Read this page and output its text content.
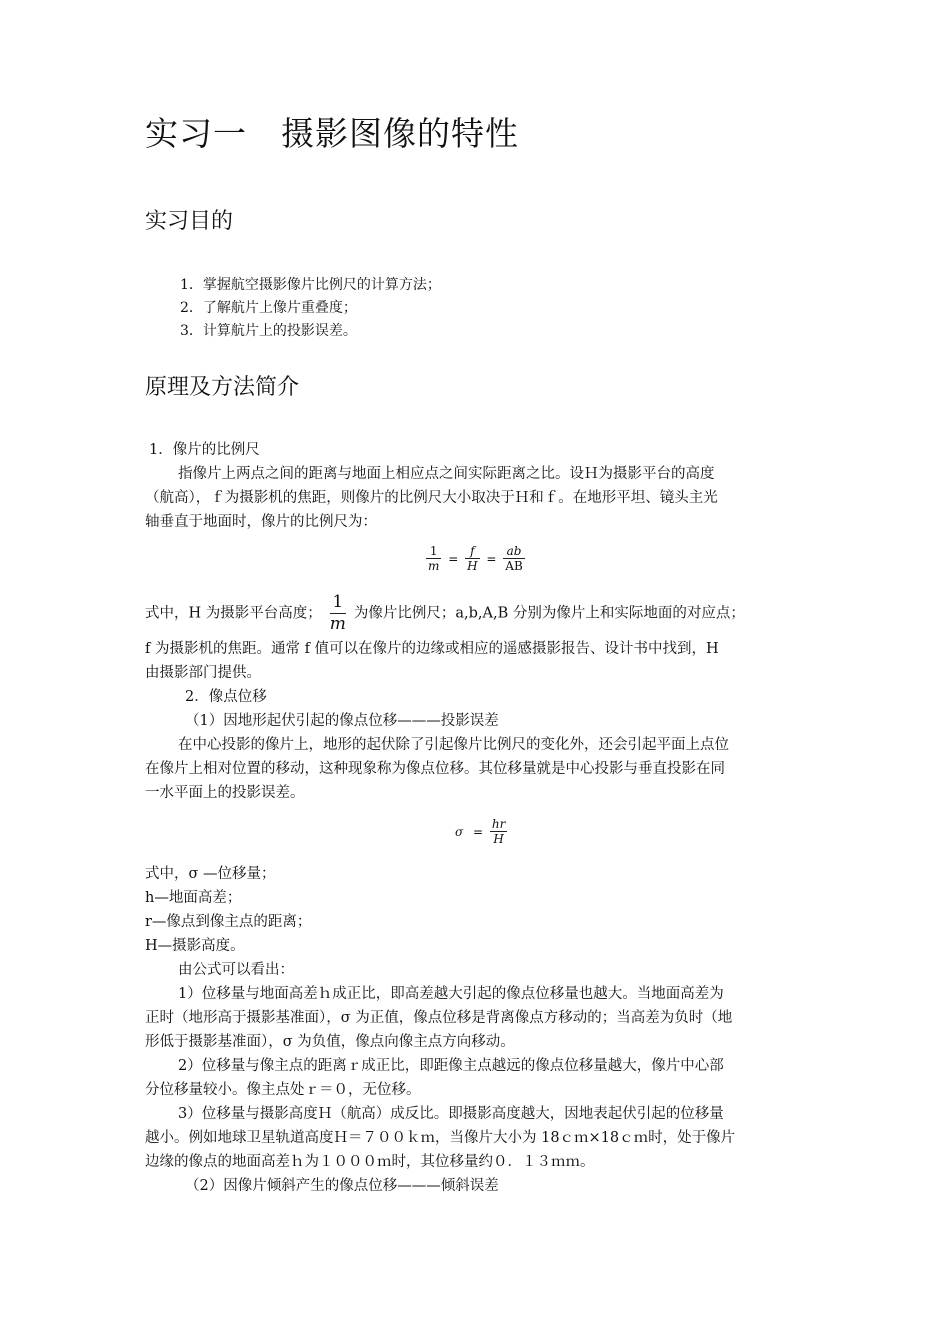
实习一　摄影图像的特性
实习目的
1．掌握航空摄影像片比例尺的计算方法；
2．了解航片上像片重叠度；
3．计算航片上的投影误差。
原理及方法简介
1．像片的比例尺
指像片上两点之间的距离与地面上相应点之间实际距离之比。设Ｈ为摄影平台的高度
（航高），ｆ为摄影机的焦距，则像片的比例尺大小取决于Ｈ和ｆ。在地形平坦、镜头主光
轴垂直于地面时，像片的比例尺为：
$\frac{1}{m} = \frac{f}{H} = \frac{ab}{AB}$
式中，H 为摄影平台高度； $\frac{1}{m}$ 为像片比例尺；a,b,A,B 分别为像片上和实际地面的对应点；
f 为摄影机的焦距。通常 f 值可以在像片的边缘或相应的遥感摄影报告、设计书中找到，H
由摄影部门提供。
2．像点位移
（1）因地形起伏引起的像点位移———投影误差
在中心投影的像片上，地形的起伏除了引起像片比例尺的变化外，还会引起平面上点位
在像片上相对位置的移动，这种现象称为像点位移。其位移量就是中心投影与垂直投影在同
一水平面上的投影误差。
$\sigma = \frac{hr}{H}$
式中，σ —位移量；
h—地面高差；
r—像点到像主点的距离；
H—摄影高度。
由公式可以看出：
1）位移量与地面高差ｈ成正比，即高差越大引起的像点位移量也越大。当地面高差为
正时（地形高于摄影基准面），σ 为正值，像点位移是背离像点方移动的；当高差为负时（地
形低于摄影基准面），σ 为负值，像点向像主点方向移动。
2）位移量与像主点的距离ｒ成正比，即距像主点越远的像点位移量越大，像片中心部
分位移量较小。像主点处ｒ＝０，无位移。
3）位移量与摄影高度Ｈ（航高）成反比。即摄影高度越大，因地表起伏引起的位移量
越小。例如地球卫星轨道高度Ｈ＝７００ｋｍ，当像片大小为 18ｃｍ×18ｃｍ时，处于像片
边缘的像点的地面高差ｈ为１０００ｍ时，其位移量约０．１３ｍｍ。
（2）因像片倾斜产生的像点位移———倾斜误差
